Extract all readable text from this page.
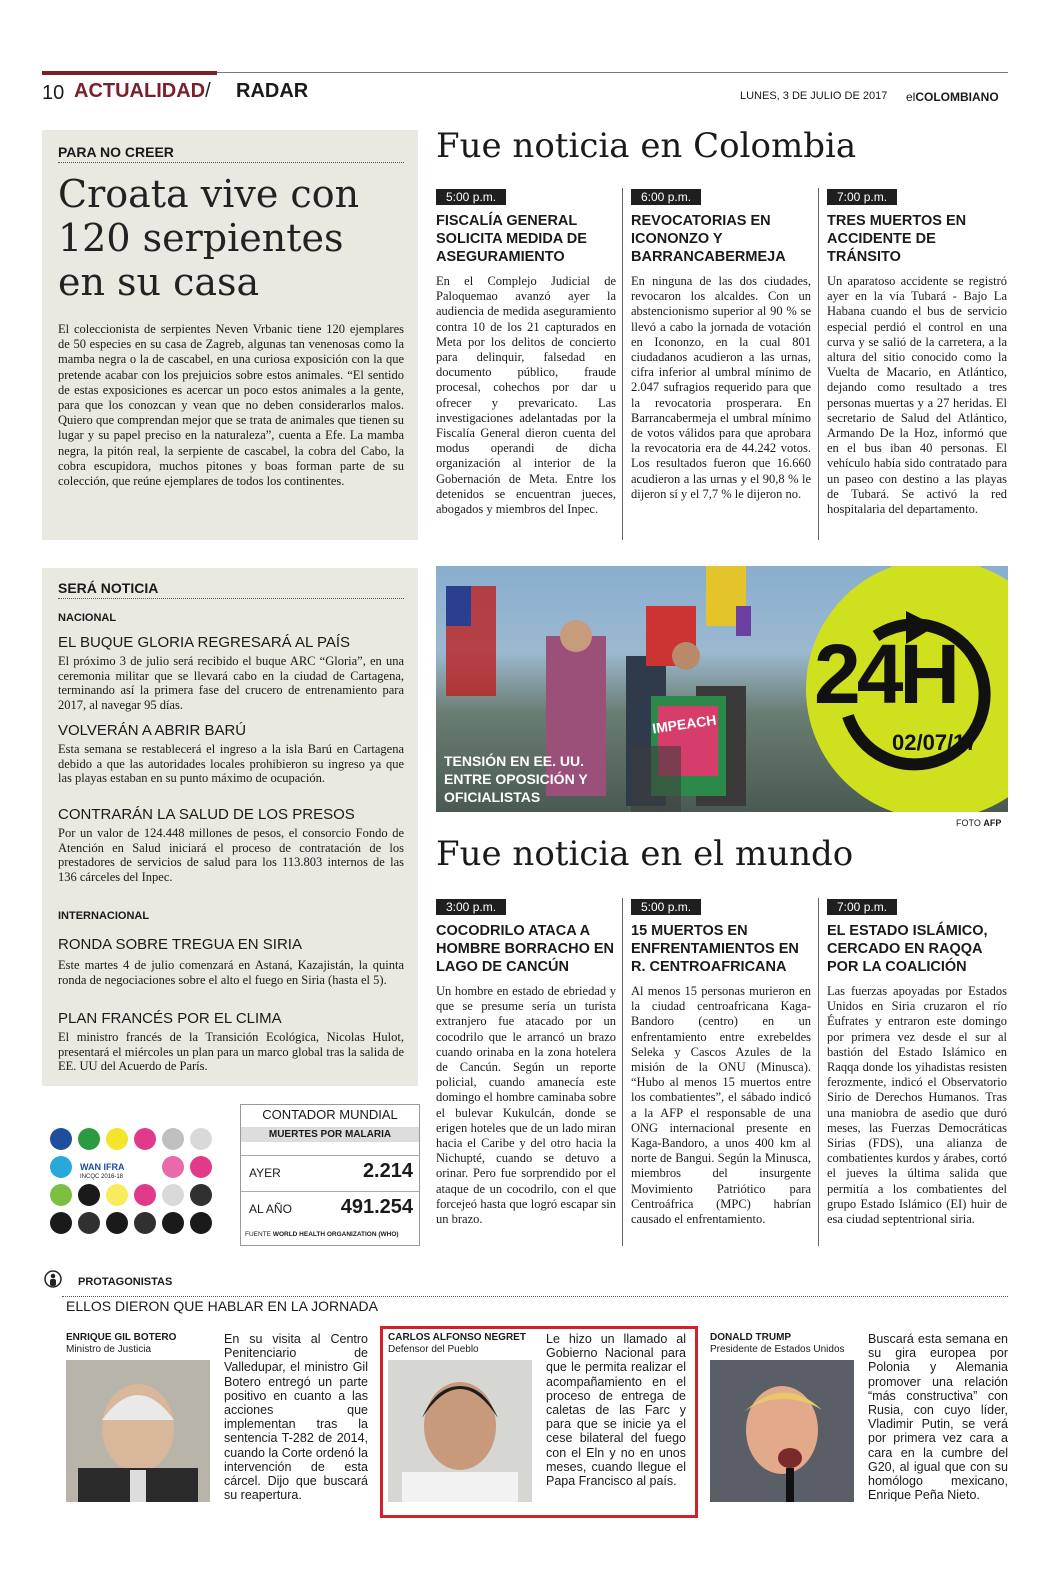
10 ACTUALIDAD/ RADAR	LUNES, 3 DE JULIO DE 2017 elCOLOMBIANO
PARA NO CREER
Croata vive con 120 serpientes en su casa
El coleccionista de serpientes Neven Vrbanic tiene 120 ejemplares de 50 especies en su casa de Zagreb, algunas tan venenosas como la mamba negra o la de cascabel, en una curiosa exposición con la que pretende acabar con los prejuicios sobre estos animales. “El sentido de estas exposiciones es acercar un poco estos animales a la gente, para que los conozcan y vean que no deben considerarlos malos. Quiero que comprendan mejor que se trata de animales que tienen su lugar y su papel preciso en la naturaleza”, cuenta a Efe. La mamba negra, la pitón real, la serpiente de cascabel, la cobra del Cabo, la cobra escupidora, muchos pitones y boas forman parte de su colección, que reúne ejemplares de todos los continentes.
Fue noticia en Colombia
5:00 p.m.
FISCALÍA GENERAL SOLICITA MEDIDA DE ASEGURAMIENTO
En el Complejo Judicial de Paloquemao avanzó ayer la audiencia de medida aseguramiento contra 10 de los 21 capturados en Meta por los delitos de concierto para delinquir, falsedad en documento público, fraude procesal, cohechos por dar u ofrecer y prevaricato. Las investigaciones adelantadas por la Fiscalía General dieron cuenta del modus operandi de dicha organización al interior de la Gobernación de Meta. Entre los detenidos se encuentran jueces, abogados y miembros del Inpec.
6:00 p.m.
REVOCATORIAS EN ICONONZO Y BARRANCABERMEJA
En ninguna de las dos ciudades, revocaron los alcaldes. Con un abstencionismo superior al 90 % se llevó a cabo la jornada de votación en Icononzo, en la cual 801 ciudadanos acudieron a las urnas, cifra inferior al umbral mínimo de 2.047 sufragios requerido para que la revocatoria prosperara. En Barrancabermeja el umbral mínimo de votos válidos para que aprobara la revocatoria era de 44.242 votos. Los resultados fueron que 16.660 acudieron a las urnas y el 90,8 % le dijeron sí y el 7,7 % le dijeron no.
7:00 p.m.
TRES MUERTOS EN ACCIDENTE DE TRÁNSITO
Un aparatoso accidente se registró ayer en la vía Tubará - Bajo La Habana cuando el bus de servicio especial perdió el control en una curva y se salió de la carretera, a la altura del sitio conocido como la Vuelta de Macario, en Atlántico, dejando como resultado a tres personas muertas y a 27 heridas. El secretario de Salud del Atlántico, Armando De la Hoz, informó que en el bus iban 40 personas. El vehículo había sido contratado para un paseo con destino a las playas de Tubará. Se activó la red hospitalaria del departamento.
SERÁ NOTICIA
NACIONAL
EL BUQUE GLORIA REGRESARÁ AL PAÍS
El próximo 3 de julio será recibido el buque ARC “Gloria”, en una ceremonia militar que se llevará cabo en la ciudad de Cartagena, terminando así la primera fase del crucero de entrenamiento para 2017, al navegar 95 días.
VOLVERÁN A ABRIR BARÚ
Esta semana se restablecerá el ingreso a la isla Barú en Cartagena debido a que las autoridades locales prohibieron su ingreso ya que las playas estaban en su punto máximo de ocupación.
CONTRARÁN LA SALUD DE LOS PRESOS
Por un valor de 124.448 millones de pesos, el consorcio Fondo de Atención en Salud iniciará el proceso de contratación de los prestadores de servicios de salud para los 113.803 internos de las 136 cárceles del Inpec.
INTERNACIONAL
RONDA SOBRE TREGUA EN SIRIA
Este martes 4 de julio comenzará en Astaná, Kazajistán, la quinta ronda de negociaciones sobre el alto el fuego en Siria (hasta el 5).
PLAN FRANCÉS POR EL CLIMA
El ministro francés de la Transición Ecológica, Nicolas Hulot, presentará el miércoles un plan para un marco global tras la salida de EE. UU del Acuerdo de París.
24H
02/07/17
IMPEACH
TENSIÓN EN EE. UU. ENTRE OPOSICIÓN Y OFICIALISTAS
FOTO AFP
Fue noticia en el mundo
3:00 p.m.
COCODRILO ATACA A HOMBRE BORRACHO EN LAGO DE CANCÚN
Un hombre en estado de ebriedad y que se presume sería un turista extranjero fue atacado por un cocodrilo que le arrancó un brazo cuando orinaba en la zona hotelera de Cancún. Según un reporte policial, cuando amanecía este domingo el hombre caminaba sobre el bulevar Kukulcán, donde se erigen hoteles que de un lado miran hacia el Caribe y del otro hacia la Nichupté, cuando se detuvo a orinar. Pero fue sorprendido por el ataque de un cocodrilo, con el que forcejeó hasta que logró escapar sin un brazo.
5:00 p.m.
15 MUERTOS EN ENFRENTAMIENTOS EN R. CENTROAFRICANA
Al menos 15 personas murieron en la ciudad centroafricana Kaga-Bandoro (centro) en un enfrentamiento entre exrebeldes Seleka y Cascos Azules de la misión de la ONU (Minusca). “Hubo al menos 15 muertos entre los combatientes”, el sábado indicó a la AFP el responsable de una ONG internacional presente en Kaga-Bandoro, a unos 400 km al norte de Bangui. Según la Minusca, miembros del insurgente Movimiento Patriótico para Centroáfrica (MPC) habrían causado el enfrentamiento.
7:00 p.m.
EL ESTADO ISLÁMICO, CERCADO EN RAQQA POR LA COALICIÓN
Las fuerzas apoyadas por Estados Unidos en Siria cruzaron el río Éufrates y entraron este domingo por primera vez desde el sur al bastión del Estado Islámico en Raqqa donde los yihadistas resisten ferozmente, indicó el Observatorio Sirio de Derechos Humanos. Tras una maniobra de asedio que duró meses, las Fuerzas Democráticas Sirias (FDS), una alianza de combatientes kurdos y árabes, cortó el jueves la última salida que permitía a los combatientes del grupo Estado Islámico (EI) huir de esa ciudad septentrional siria.
WAN IFRA
INCQC 2016-18
CONTADOR MUNDIAL
MUERTES POR MALARIA
AYER	2.214
AL AÑO 491.254
FUENTE WORLD HEALTH ORGANIZATION (WHO)
PROTAGONISTAS
ELLOS DIERON QUE HABLAR EN LA JORNADA
ENRIQUE GIL BOTERO
Ministro de Justicia
En su visita al Centro Penitenciario de Valledupar, el ministro Gil Botero entregó un parte positivo en cuanto a las acciones que implementan tras la sentencia T-282 de 2014, cuando la Corte ordenó la intervención de esta cárcel. Dijo que buscará su reapertura.
CARLOS ALFONSO NEGRET
Defensor del Pueblo
Le hizo un llamado al Gobierno Nacional para que le permita realizar el acompañamiento en el proceso de entrega de caletas de las Farc y para que se inicie ya el cese bilateral del fuego con el Eln y no en unos meses, cuando llegue el Papa Francisco al país.
DONALD TRUMP
Presidente de Estados Unidos
Buscará esta semana en su gira europea por Polonia y Alemania promover una relación “más constructiva” con Rusia, con cuyo líder, Vladimir Putin, se verá por primera vez cara a cara en la cumbre del G20, al igual que con su homólogo mexicano, Enrique Peña Nieto.
